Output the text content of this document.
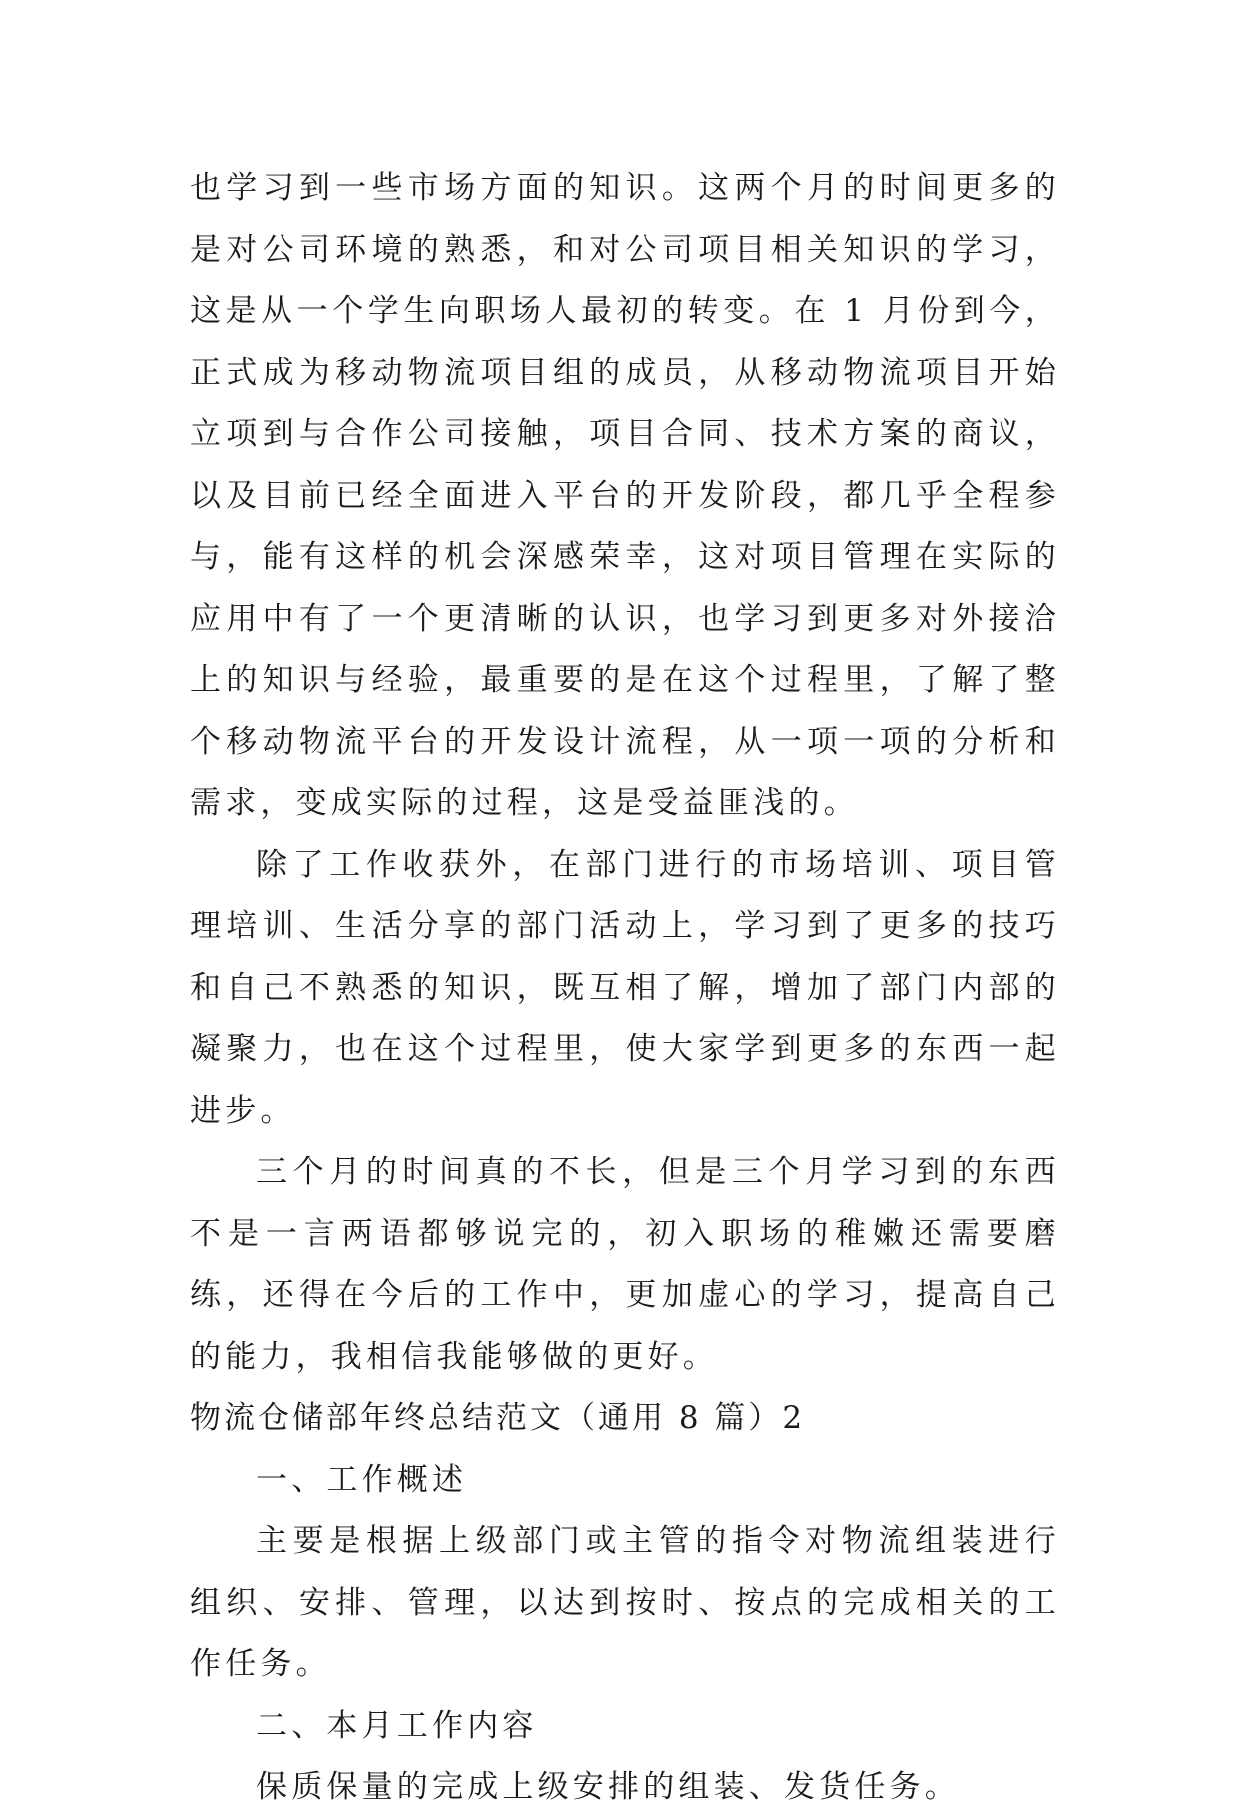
也学习到一些市场方面的知识。这两个月的时间更多的是对公司环境的熟悉，和对公司项目相关知识的学习，这是从一个学生向职场人最初的转变。在 1 月份到今，正式成为移动物流项目组的成员，从移动物流项目开始立项到与合作公司接触，项目合同、技术方案的商议，以及目前已经全面进入平台的开发阶段，都几乎全程参与，能有这样的机会深感荣幸，这对项目管理在实际的应用中有了一个更清晰的认识，也学习到更多对外接洽上的知识与经验，最重要的是在这个过程里，了解了整个移动物流平台的开发设计流程，从一项一项的分析和需求，变成实际的过程，这是受益匪浅的。

除了工作收获外，在部门进行的市场培训、项目管理培训、生活分享的部门活动上，学习到了更多的技巧和自己不熟悉的知识，既互相了解，增加了部门内部的凝聚力，也在这个过程里，使大家学到更多的东西一起进步。

三个月的时间真的不长，但是三个月学习到的东西不是一言两语都够说完的，初入职场的稚嫩还需要磨练，还得在今后的工作中，更加虚心的学习，提高自己的能力，我相信我能够做的更好。

物流仓储部年终总结范文（通用 8 篇）2

一、工作概述

主要是根据上级部门或主管的指令对物流组装进行组织、安排、管理，以达到按时、按点的完成相关的工作任务。

二、本月工作内容

保质保量的完成上级安排的组装、发货任务。
